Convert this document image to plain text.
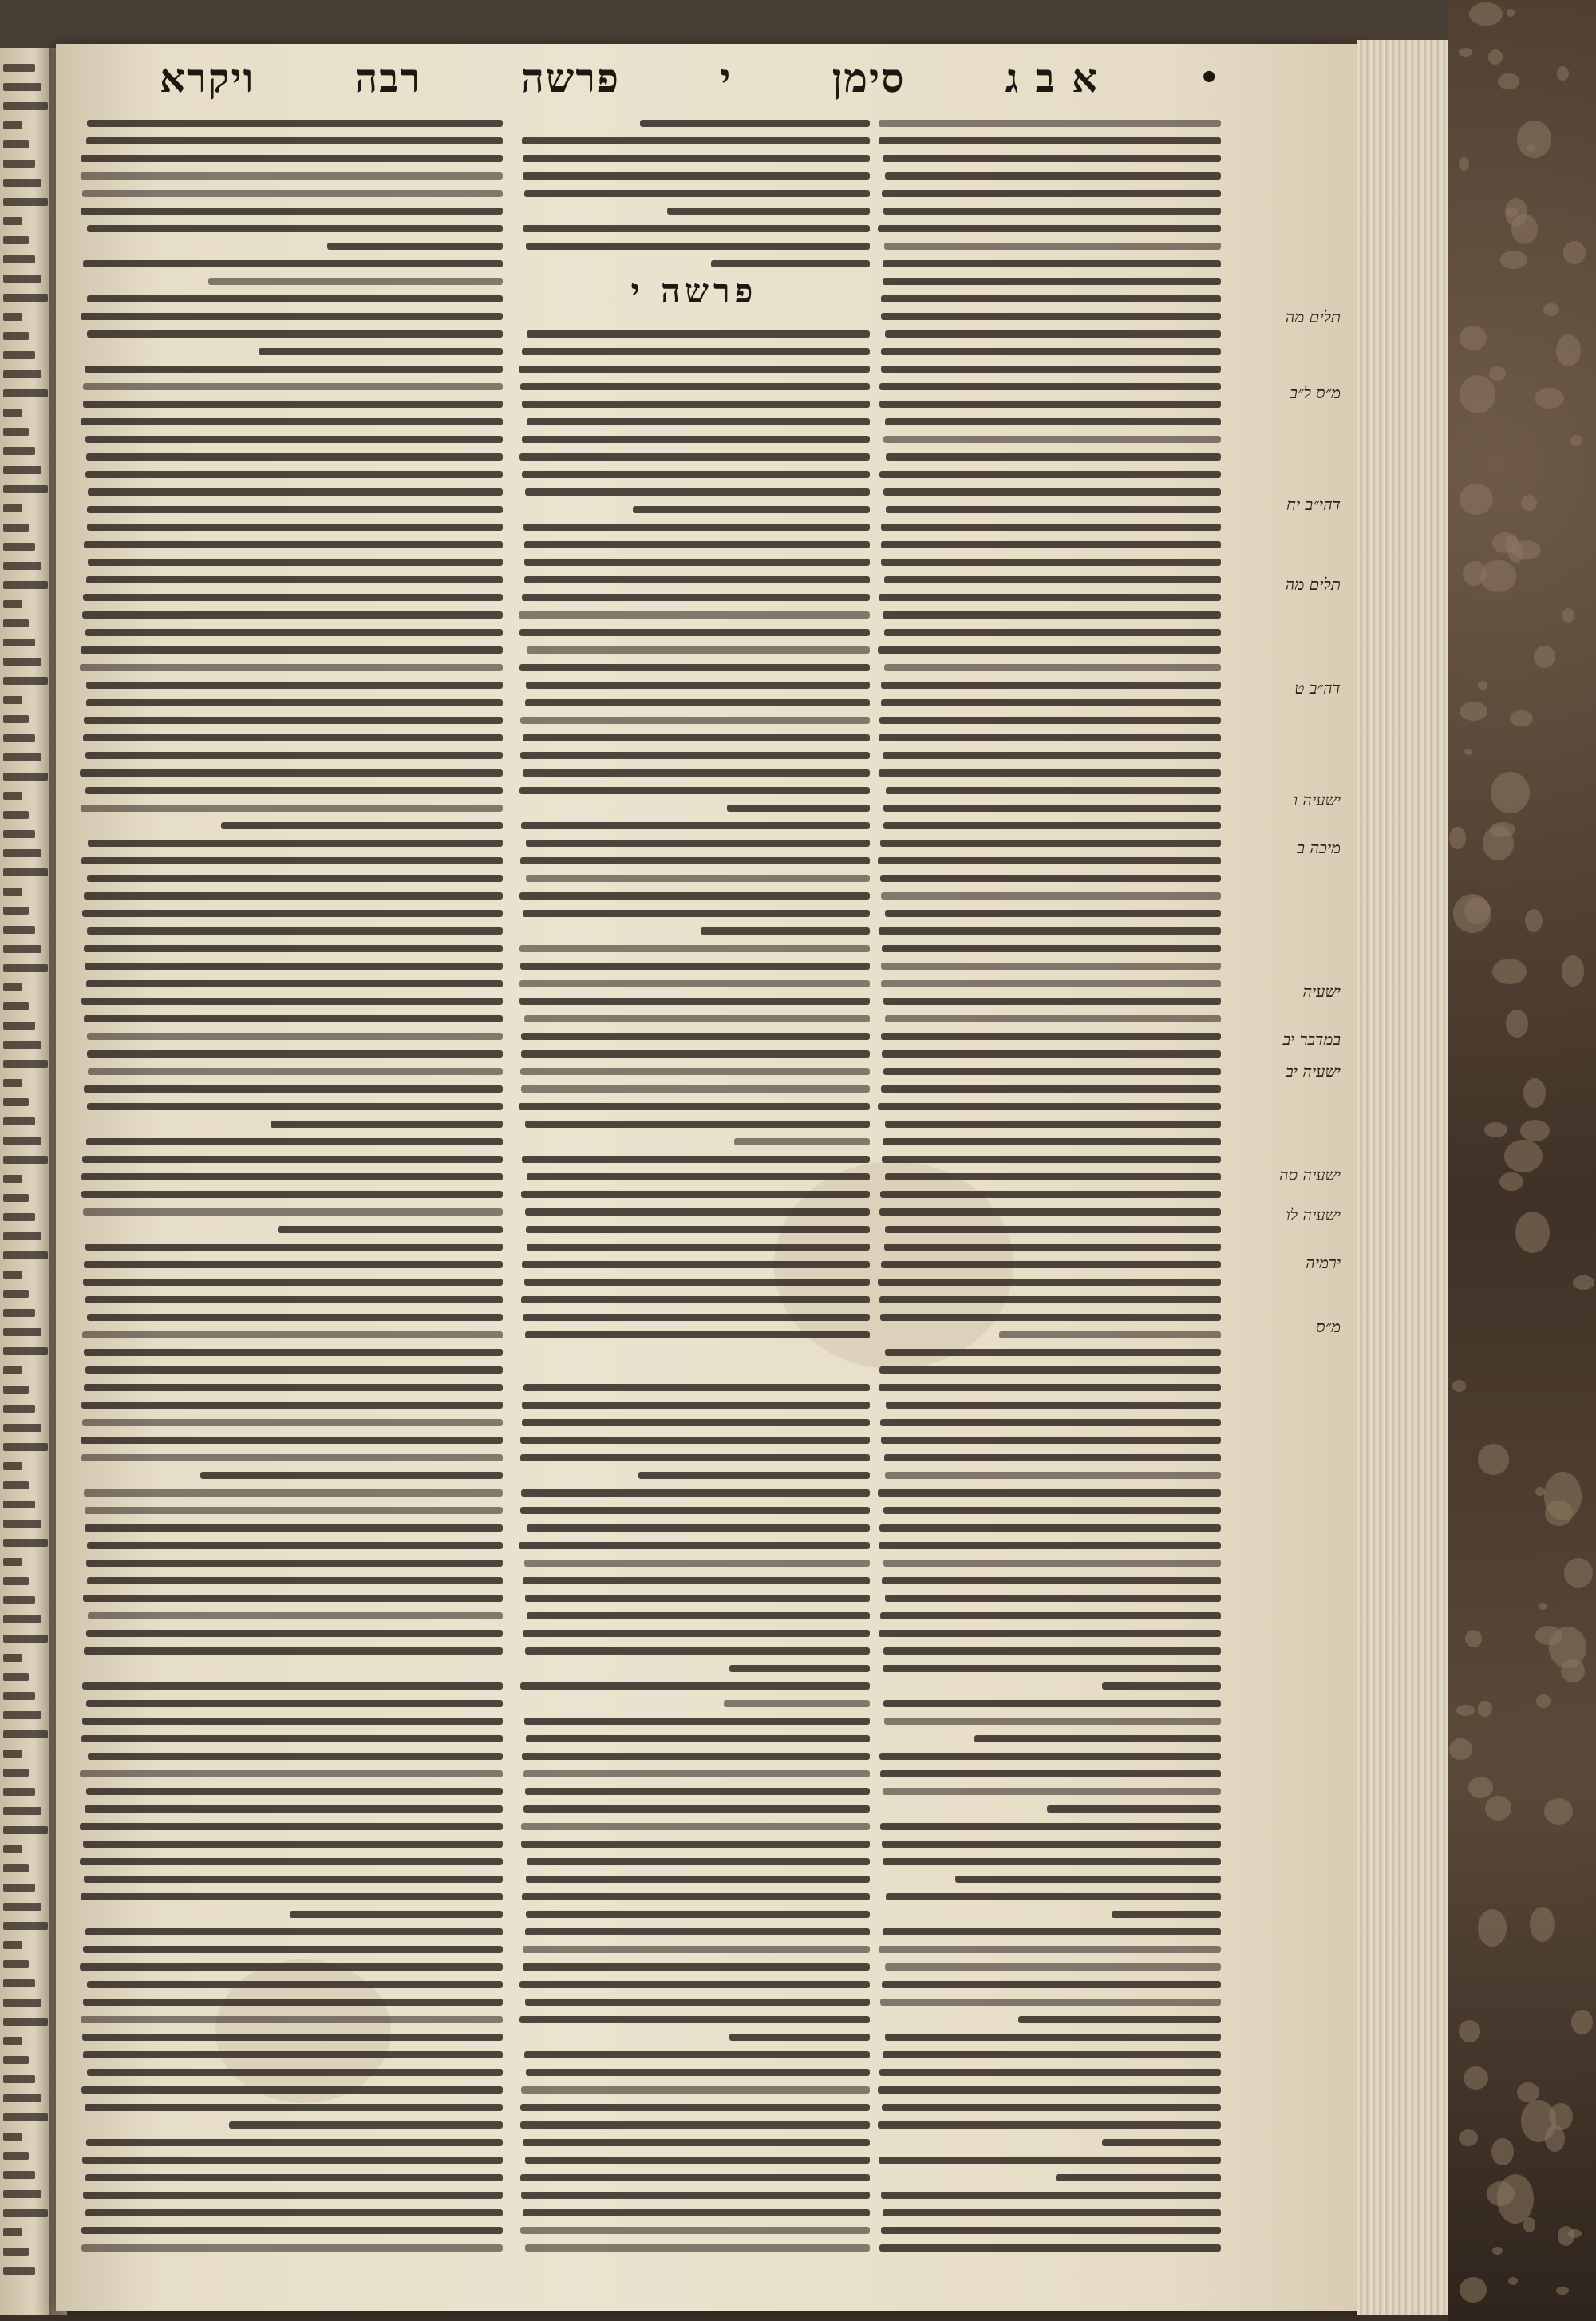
ויקרא	רבה	פרשה	י	סימן	א ב ג	•
פרשה י
תלים מה
מ״ס ל״ב
דהי״ב יח
תלים מה
דה״ב ט
ישעיה ו
מיכה ב
ישעיה
במדבר יב
ישעיה יב
ישעיה סה
ישעיה לו
ירמיה
מ״ס
